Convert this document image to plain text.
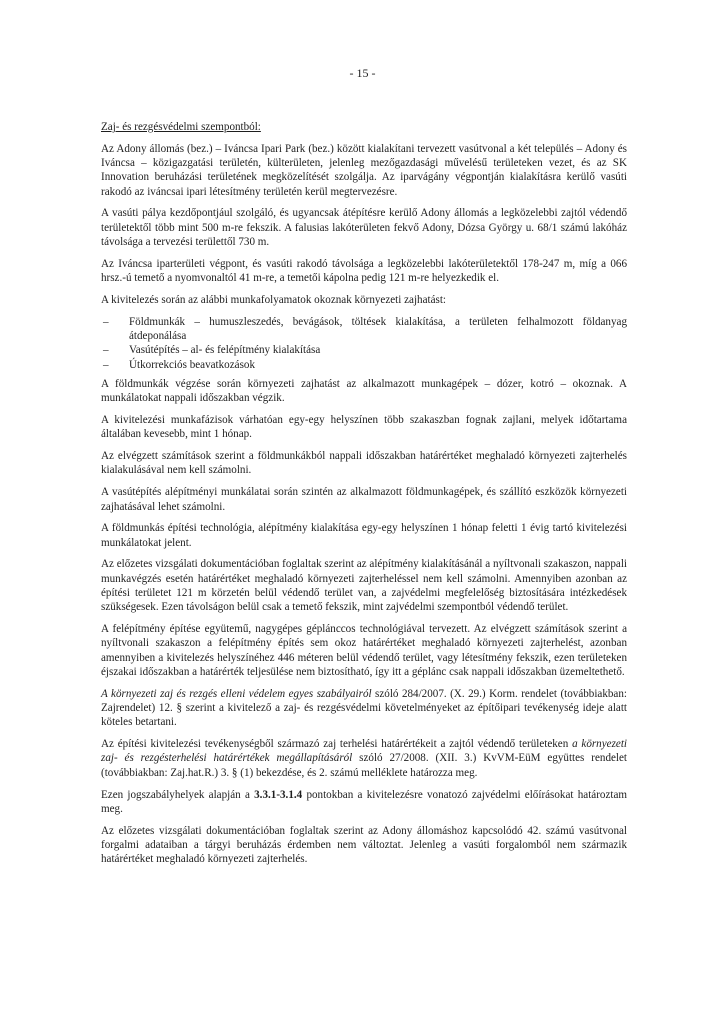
- 15 -

Zaj- és rezgésvédelmi szempontból:

Az Adony állomás (bez.) – Iváncsa Ipari Park (bez.) között kialakítani tervezett vasútvonal a két település – Adony és Iváncsa – közigazgatási területén, külterületen, jelenleg mezőgazdasági művelésű területeken vezet, és az SK Innovation beruházási területének megközelítését szolgálja. Az iparvágány végpontján kialakításra kerülő vasúti rakodó az iváncsai ipari létesítmény területén kerül megtervezésre.

A vasúti pálya kezdőpontjául szolgáló, és ugyancsak átépítésre kerülő Adony állomás a legközelebbi zajtól védendő területektől több mint 500 m-re fekszik. A falusias lakóterületen fekvő Adony, Dózsa György u. 68/1 számú lakóház távolsága a tervezési területtől 730 m.

Az Iváncsa iparterületi végpont, és vasúti rakodó távolsága a legközelebbi lakóterületektől 178-247 m, míg a 066 hrsz.-ú temető a nyomvonaltól 41 m-re, a temetői kápolna pedig 121 m-re helyezkedik el.

A kivitelezés során az alábbi munkafolyamatok okoznak környezeti zajhatást:

– Földmunkák – humuszleszedés, bevágások, töltések kialakítása, a területen felhalmozott földanyag átdeponálása
– Vasútépítés – al- és felépítmény kialakítása
– Útkorrekciós beavatkozások

A földmunkák végzése során környezeti zajhatást az alkalmazott munkagépek – dózer, kotró – okoznak. A munkálatokat nappali időszakban végzik.

A kivitelezési munkafázisok várhatóan egy-egy helyszínen több szakaszban fognak zajlani, melyek időtartama általában kevesebb, mint 1 hónap.

Az elvégzett számítások szerint a földmunkákból nappali időszakban határértéket meghaladó környezeti zajterhelés kialakulásával nem kell számolni.

A vasútépítés alépítményi munkálatai során szintén az alkalmazott földmunkagépek, és szállító eszközök környezeti zajhatásával lehet számolni.

A földmunkás építési technológia, alépítmény kialakítása egy-egy helyszínen 1 hónap feletti 1 évig tartó kivitelezési munkálatokat jelent.

Az előzetes vizsgálati dokumentációban foglaltak szerint az alépítmény kialakításánál a nyíltvonali szakaszon, nappali munkavégzés esetén határértéket meghaladó környezeti zajterheléssel nem kell számolni. Amennyiben azonban az építési területet 121 m körzetén belül védendő terület van, a zajvédelmi megfelelőség biztosítására intézkedések szükségesek. Ezen távolságon belül csak a temető fekszik, mint zajvédelmi szempontból védendő terület.

A felépítmény építése együtemű, nagygépes géplánccos technológiával tervezett. Az elvégzett számítások szerint a nyíltvonali szakaszon a felépítmény építés sem okoz határértéket meghaladó környezeti zajterhelést, azonban amennyiben a kivitelezés helyszínéhez 446 méteren belül védendő terület, vagy létesítmény fekszik, ezen területeken éjszakai időszakban a határérték teljesülése nem biztosítható, így itt a géplánc csak nappali időszakban üzemeltethető.

A környezeti zaj és rezgés elleni védelem egyes szabályairól szóló 284/2007. (X. 29.) Korm. rendelet (továbbiakban: Zajrendelet) 12. § szerint a kivitelező a zaj- és rezgésvédelmi követelményeket az építőipari tevékenység ideje alatt köteles betartani.

Az építési kivitelezési tevékenységből származó zaj terhelési határértékeit a zajtól védendő területeken a környezeti zaj- és rezgésterhelési határértékek megállapításáról szóló 27/2008. (XII. 3.) KvVM-EüM együttes rendelet (továbbiakban: Zaj.hat.R.) 3. § (1) bekezdése, és 2. számú melléklete határozza meg.

Ezen jogszabályhelyek alapján a 3.3.1-3.1.4 pontokban a kivitelezésre vonatozó zajvédelmi előírásokat határoztam meg.

Az előzetes vizsgálati dokumentációban foglaltak szerint az Adony állomáshoz kapcsolódó 42. számú vasútvonal forgalmi adataiban a tárgyi beruházás érdemben nem változtat. Jelenleg a vasúti forgalomból nem származik határértéket meghaladó környezeti zajterhelés.
